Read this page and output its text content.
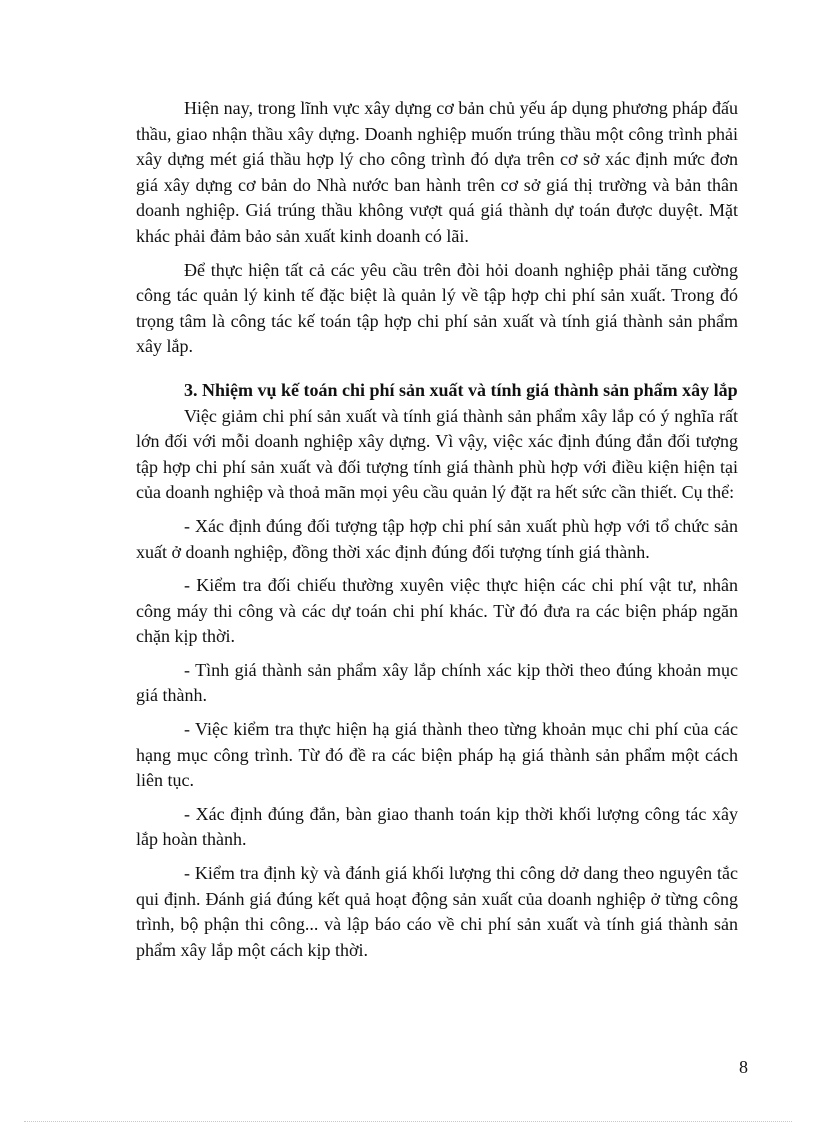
Hiện nay, trong lĩnh vực xây dựng cơ bản chủ yếu áp dụng phương pháp đấu thầu, giao nhận thầu xây dựng. Doanh nghiệp muốn trúng thầu một công trình phải xây dựng mét giá thầu hợp lý cho công trình đó dựa trên cơ sở xác định mức đơn giá xây dựng cơ bản do Nhà nước ban hành trên cơ sở giá thị trường và bản thân doanh nghiệp. Giá trúng thầu không vượt quá giá thành dự toán được duyệt. Mặt khác phải đảm bảo sản xuất kinh doanh có lãi.

Để thực hiện tất cả các yêu cầu trên đòi hỏi doanh nghiệp phải tăng cường công tác quản lý kinh tế đặc biệt là quản lý về tập hợp chi phí sản xuất. Trong đó trọng tâm là công tác kế toán tập hợp chi phí sản xuất và tính giá thành sản phẩm xây lắp.

3. Nhiệm vụ kế toán chi phí sản xuất và tính giá thành sản phẩm xây lắp

Việc giảm chi phí sản xuất và tính giá thành sản phẩm xây lắp có ý nghĩa rất lớn đối với mỗi doanh nghiệp xây dựng. Vì vậy, việc xác định đúng đắn đối tượng tập hợp chi phí sản xuất và đối tượng tính giá thành phù hợp với điều kiện hiện tại của doanh nghiệp và thoả mãn mọi yêu cầu quản lý đặt ra hết sức cần thiết. Cụ thể:

- Xác định đúng đối tượng tập hợp chi phí sản xuất phù hợp với tổ chức sản xuất ở doanh nghiệp, đồng thời xác định đúng đối tượng tính giá thành.

- Kiểm tra đối chiếu thường xuyên việc thực hiện các chi phí vật tư, nhân công máy thi công và các dự toán chi phí khác. Từ đó đưa ra các biện pháp ngăn chặn kịp thời.

- Tình giá thành sản phẩm xây lắp chính xác kịp thời theo đúng khoản mục giá thành.

- Việc kiểm tra thực hiện hạ giá thành theo từng khoản mục chi phí của các hạng mục công trình. Từ đó đề ra các biện pháp hạ giá thành sản phẩm một cách liên tục.

- Xác định đúng đắn, bàn giao thanh toán kịp thời khối lượng công tác xây lắp hoàn thành.

- Kiểm tra định kỳ và đánh giá khối lượng thi công dở dang theo nguyên tắc qui định. Đánh giá đúng kết quả hoạt động sản xuất của doanh nghiệp ở từng công trình, bộ phận thi công... và lập báo cáo về chi phí sản xuất và tính giá thành sản phẩm xây lắp một cách kịp thời.

8
